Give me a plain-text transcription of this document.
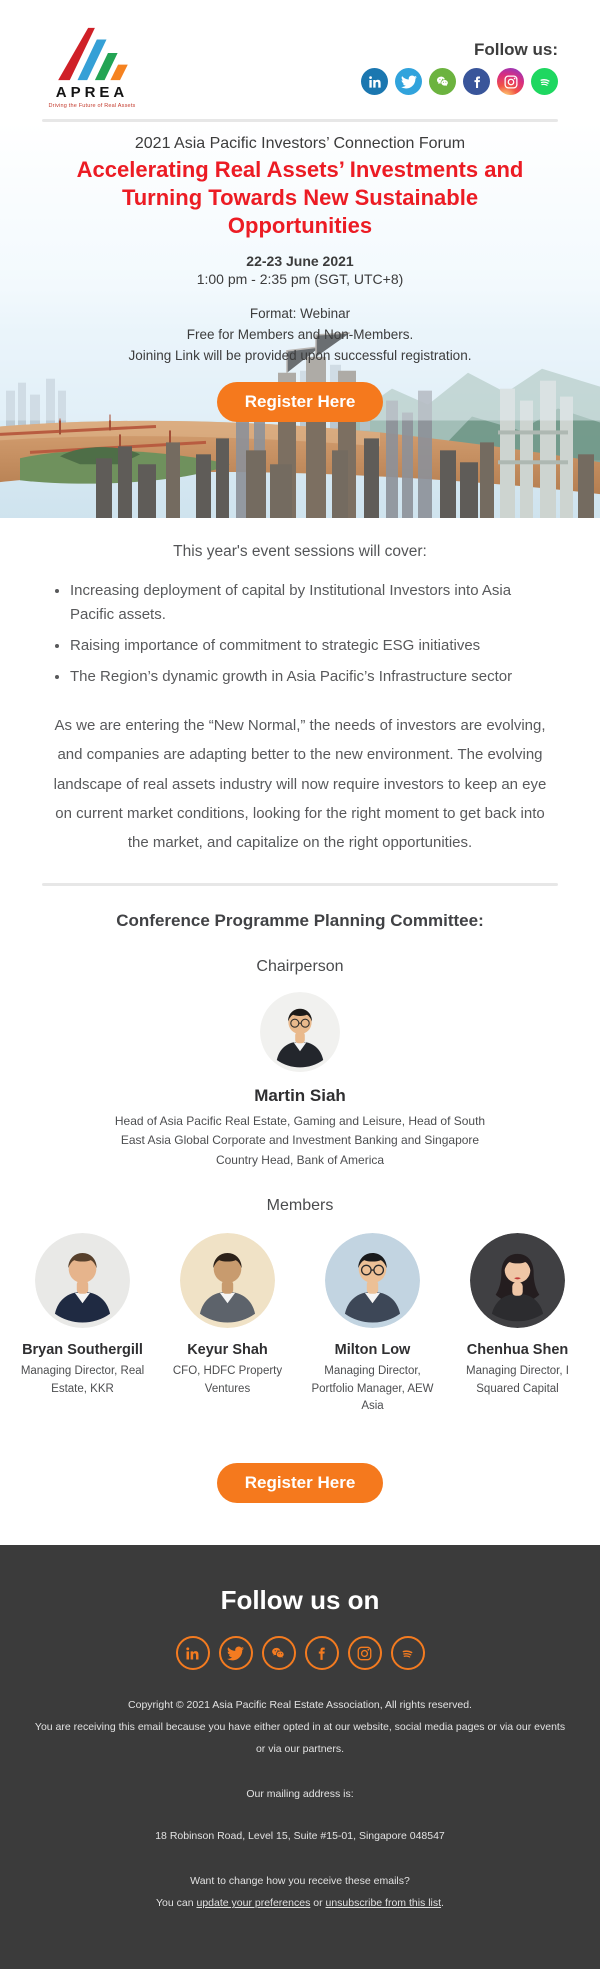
APREA
Driving the Future of Real Assets
Follow us:
2021 Asia Pacific Investors’ Connection Forum
Accelerating Real Assets’ Investments and Turning Towards New Sustainable Opportunities
22-23 June 2021
1:00 pm - 2:35 pm (SGT, UTC+8)
Format: Webinar
Free for Members and Non-Members.
Joining Link will be provided upon successful registration.
Register Here
This year's event sessions will cover:
• Increasing deployment of capital by Institutional Investors into Asia Pacific assets.
• Raising importance of commitment to strategic ESG initiatives
• The Region’s dynamic growth in Asia Pacific’s Infrastructure sector
As we are entering the “New Normal,” the needs of investors are evolving, and companies are adapting better to the new environment. The evolving landscape of real assets industry will now require investors to keep an eye on current market conditions, looking for the right moment to get back into the market, and capitalize on the right opportunities.
Conference Programme Planning Committee:
Chairperson
Martin Siah
Head of Asia Pacific Real Estate, Gaming and Leisure, Head of South East Asia Global Corporate and Investment Banking and Singapore Country Head, Bank of America
Members
Bryan Southergill
Managing Director, Real Estate, KKR
Keyur Shah
CFO, HDFC Property Ventures
Milton Low
Managing Director, Portfolio Manager, AEW Asia
Chenhua Shen
Managing Director, I Squared Capital
Register Here
Follow us on
Copyright © 2021 Asia Pacific Real Estate Association, All rights reserved.
You are receiving this email because you have either opted in at our website, social media pages or via our events or via our partners.
Our mailing address is:
18 Robinson Road, Level 15, Suite #15-01, Singapore 048547
Want to change how you receive these emails?
You can update your preferences or unsubscribe from this list.
